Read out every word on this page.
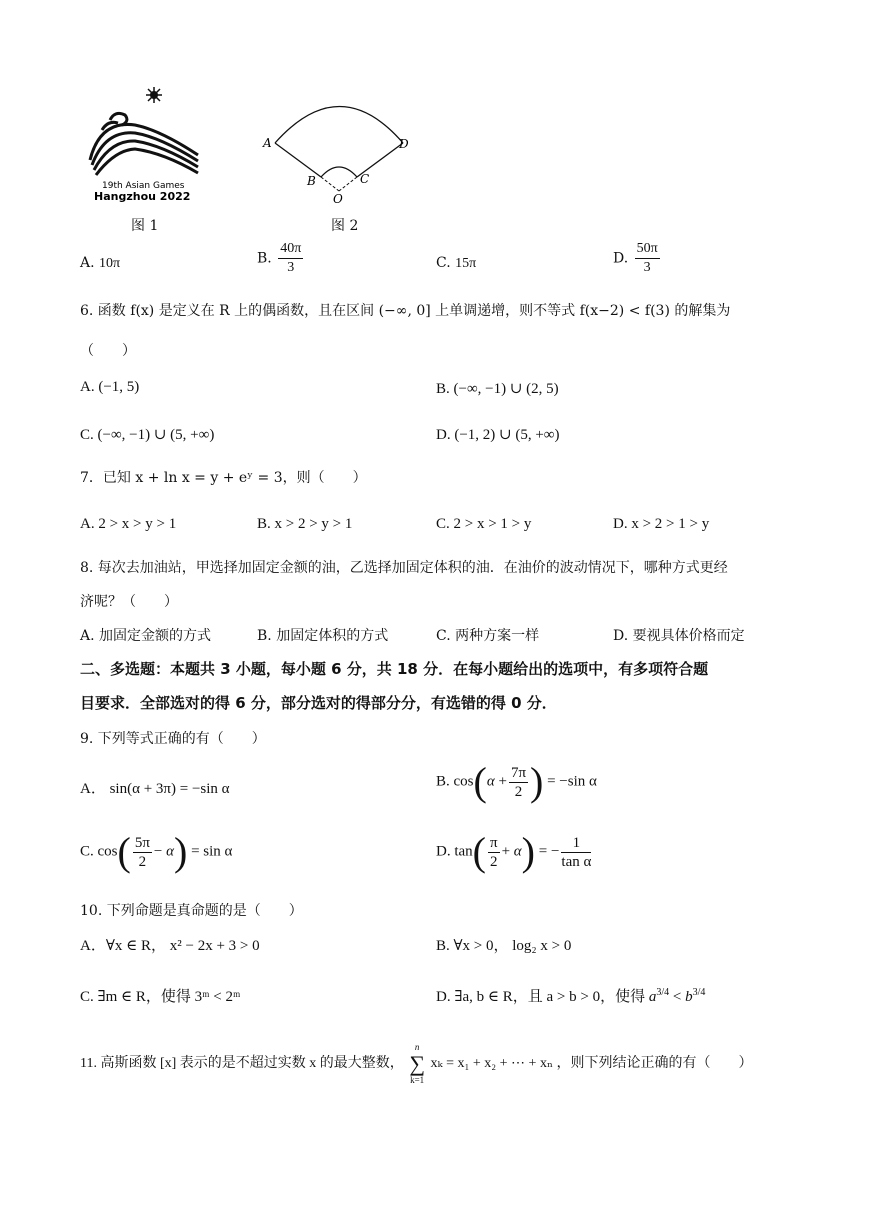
19th Asian Games
Hangzhou 2022
图 1
A	D
B	C
O
图 2
A. 10π	B. $\frac{40\pi}{3}$	C. 15π	D. $\frac{50\pi}{3}$
6. 函数 f(x) 是定义在 R 上的偶函数，且在区间 (−∞, 0] 上单调递增，则不等式 f(x−2) < f(3) 的解集为
（　　）
A. (−1, 5)	B. (−∞, −1) ∪ (2, 5)
C. (−∞, −1) ∪ (5, +∞)	D. (−1, 2) ∪ (5, +∞)
7．已知 x + ln x = y + eʸ = 3，则（　　）
A. 2 > x > y > 1	B. x > 2 > y > 1	C. 2 > x > 1 > y	D. x > 2 > 1 > y
8. 每次去加油站，甲选择加固定金额的油，乙选择加固定体积的油．在油价的波动情况下，哪种方式更经
济呢？（　　）
A. 加固定金额的方式	B. 加固定体积的方式	C. 两种方案一样	D. 要视具体价格而定
二、多选题：本题共 3 小题，每小题 6 分，共 18 分．在每小题给出的选项中，有多项符合题
目要求．全部选对的得 6 分，部分选对的得部分分，有选错的得 0 分．
9. 下列等式正确的有（　　）
A． sin(α + 3π) = −sin α	B. $\cos(\alpha + \frac{7\pi}{2}$ ) = −sin α
C. $\cos( \frac{5\pi}{2} - \alpha) = \sin \alpha$	D. $\tan( \frac{\pi}{2} + \alpha)$ = − $\frac{1}{\text{tan α}}$
10. 下列命题是真命题的是（　　）
A．∀x ∈ R， x² − 2x + 3 > 0	B. ∀x > 0， log₂ x > 0
C. ∃m ∈ R，使得 3ᵐ < 2ᵐ	D. ∃a, b ∈ R，且 a > b > 0，使得 $a^{3/4} < b^{3/4}$
11. 高斯函数 [x] 表示的是不超过实数 x 的最大整数，
n
∑
k=1
xₖ = x₁ + x₂ + ⋯ + xₙ ，则下列结论正确的有（　　）
